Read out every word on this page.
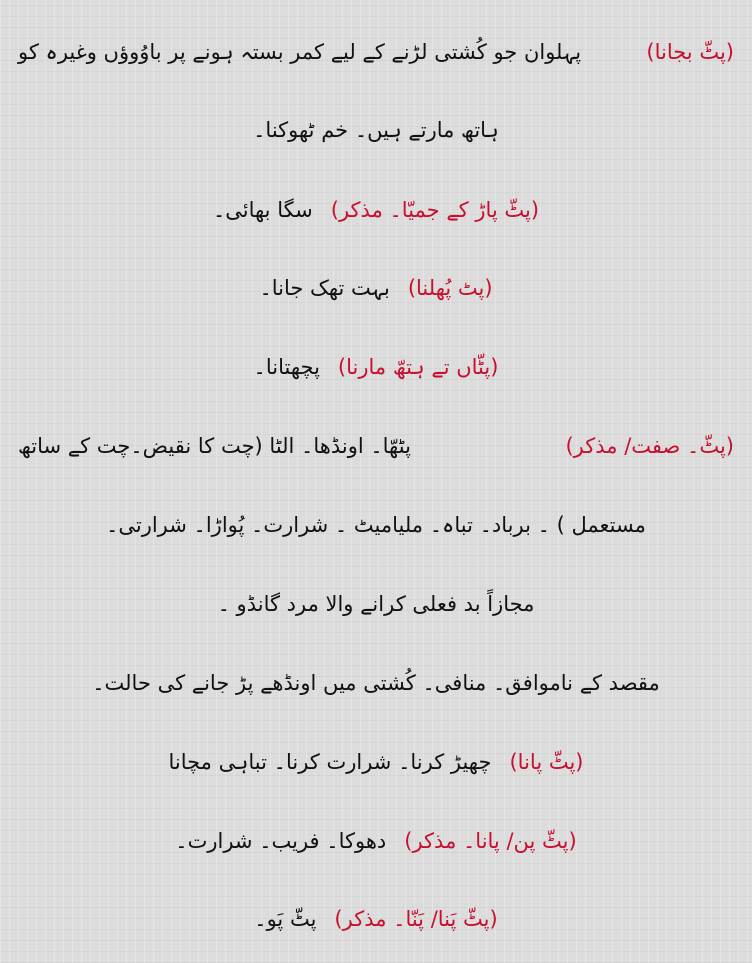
(پٹّ بجانا)
پہلوان جو کُشتی لڑنے کے لیے کمر بستہ ہونے پر باوُوؤں وغیرہ کو
ہاتھ مارتے ہیں۔ خم ٹھوکنا۔
(پٹّ پاڑ کے جمیّا۔ مذکر)سگا بھائی۔
(پٹ پُھلنا)بہت تھک جانا۔
(پٹّاں تے ہتھّ مارنا)پچھتانا۔
(پٹّ۔ صفت/ مذکر)
پٹھّا۔ اونڈھا۔ الٹا (چت کا نقیض۔چت کے ساتھ
مستعمل ) ۔ برباد۔ تباہ۔ ملیامیٹ ۔ شرارت۔ پُواڑا۔ شرارتی۔
مجازاً بد فعلی کرانے والا مرد گانڈو ۔
مقصد کے ناموافق۔ منافی۔ کُشتی میں اونڈھے پڑ جانے کی حالت۔
(پٹّ پانا)چھیڑ کرنا۔ شرارت کرنا۔ تباہی مچانا
(پٹّ پن/ پانا۔ مذکر)دھوکا۔ فریب۔ شرارت۔
(پٹّ پَنا/ پَنّا۔ مذکر)پٹّ پَو۔
